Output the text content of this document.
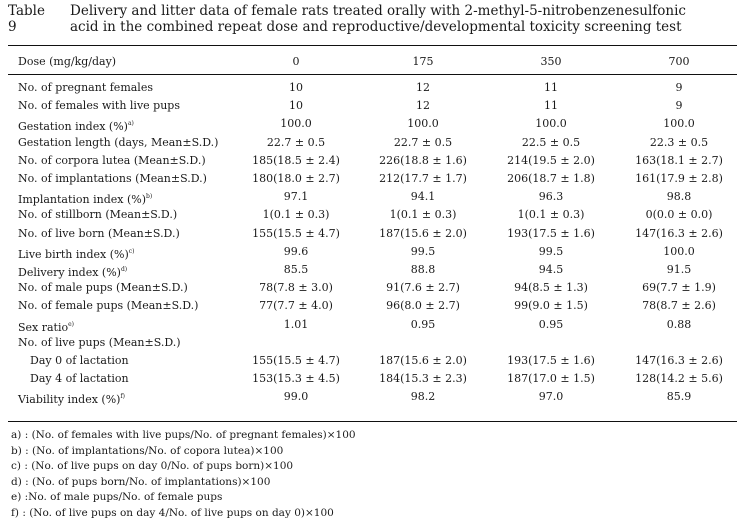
Table 9
Delivery and litter data of female rats treated orally with 2-methyl-5-nitrobenzenesulfonic acid in the combined repeat dose and reproductive/developmental toxicity screening test
Dose (mg/kg/day)	0	175	350	700
No. of pregnant females	10	12	11	9
No. of females with live pups	10	12	11	9
Gestation index (%)$^{a)}$	100.0	100.0	100.0	100.0
Gestation length (days, Mean±S.D.)	22.7 ± 0.5	22.7 ± 0.5	22.5 ± 0.5	22.3 ± 0.5
No. of corpora lutea (Mean±S.D.)	185(18.5 ± 2.4)	226(18.8 ± 1.6)	214(19.5 ± 2.0)	163(18.1 ± 2.7)
No. of implantations (Mean±S.D.)	180(18.0 ± 2.7)	212(17.7 ± 1.7)	206(18.7 ± 1.8)	161(17.9 ± 2.8)
Implantation index (%)$^{b)}$	97.1	94.1	96.3	98.8
No. of stillborn (Mean±S.D.)	1(0.1 ± 0.3)	1(0.1 ± 0.3)	1(0.1 ± 0.3)	0(0.0 ± 0.0)
No. of live born (Mean±S.D.)	155(15.5 ± 4.7)	187(15.6 ± 2.0)	193(17.5 ± 1.6)	147(16.3 ± 2.6)
Live birth index (%)$^{c)}$	99.6	99.5	99.5	100.0
Delivery index (%)$^{d)}$	85.5	88.8	94.5	91.5
No. of male pups (Mean±S.D.)	78(7.8 ± 3.0)	91(7.6 ± 2.7)	94(8.5 ± 1.3)	69(7.7 ± 1.9)
No. of female pups (Mean±S.D.)	77(7.7 ± 4.0)	96(8.0 ± 2.7)	99(9.0 ± 1.5)	78(8.7 ± 2.6)
Sex ratio$^{e)}$	1.01	0.95	0.95	0.88
No. of live pups (Mean±S.D.)
Day 0 of lactation	155(15.5 ± 4.7)	187(15.6 ± 2.0)	193(17.5 ± 1.6)	147(16.3 ± 2.6)
Day 4 of lactation	153(15.3 ± 4.5)	184(15.3 ± 2.3)	187(17.0 ± 1.5)	128(14.2 ± 5.6)
Viability index (%)$^{f)}$	99.0	98.2	97.0	85.9
a) : (No. of females with live pups/No. of pregnant females)×100
b) : (No. of implantations/No. of copora lutea)×100
c) : (No. of live pups on day 0/No. of pups born)×100
d) : (No. of pups born/No. of implantations)×100
e) :No. of male pups/No. of female pups
f) : (No. of live pups on day 4/No. of live pups on day 0)×100
